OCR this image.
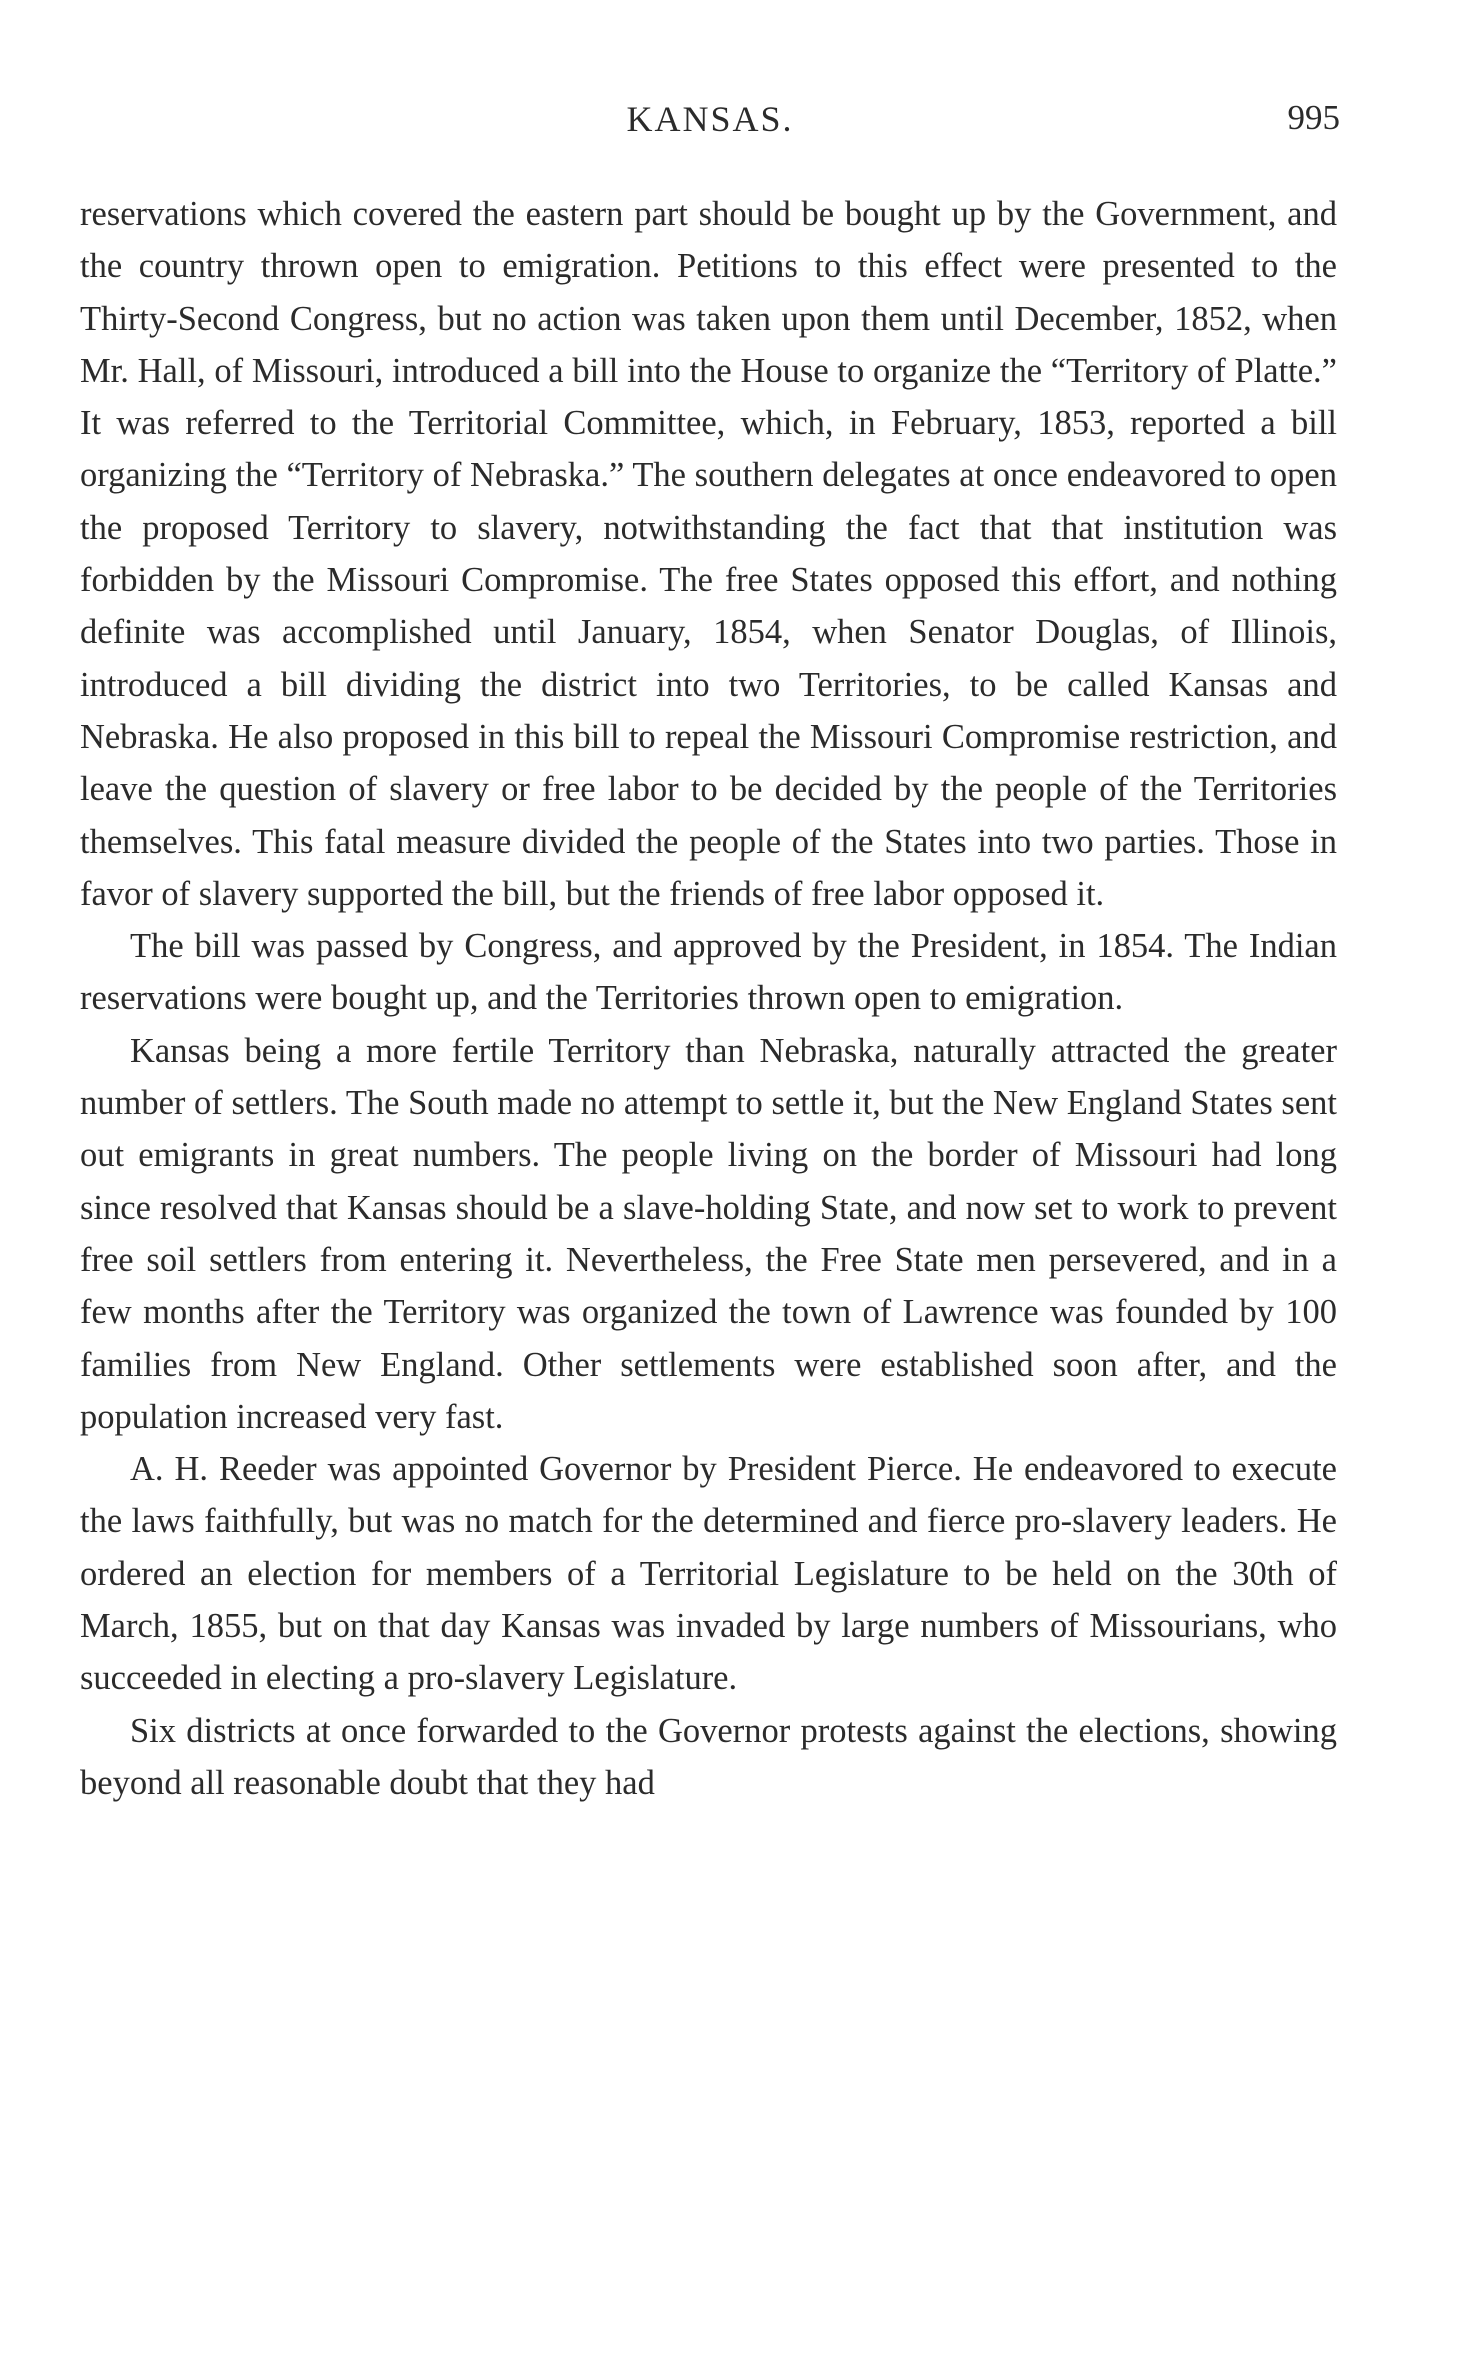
KANSAS.	995

reservations which covered the eastern part should be bought up by the Government, and the country thrown open to emigration. Petitions to this effect were presented to the Thirty-Second Congress, but no action was taken upon them until December, 1852, when Mr. Hall, of Missouri, introduced a bill into the House to organize the “Territory of Platte.” It was referred to the Territorial Committee, which, in February, 1853, reported a bill organizing the “Territory of Nebraska.” The southern delegates at once endeavored to open the proposed Territory to slavery, notwithstanding the fact that that institution was forbidden by the Missouri Compromise. The free States opposed this effort, and nothing definite was accomplished until January, 1854, when Senator Douglas, of Illinois, introduced a bill dividing the district into two Territories, to be called Kansas and Nebraska. He also proposed in this bill to repeal the Missouri Compromise restriction, and leave the question of slavery or free labor to be decided by the people of the Territories themselves. This fatal measure divided the people of the States into two parties. Those in favor of slavery supported the bill, but the friends of free labor opposed it.

The bill was passed by Congress, and approved by the President, in 1854. The Indian reservations were bought up, and the Territories thrown open to emigration.

Kansas being a more fertile Territory than Nebraska, naturally attracted the greater number of settlers. The South made no attempt to settle it, but the New England States sent out emigrants in great numbers. The people living on the border of Missouri had long since resolved that Kansas should be a slave-holding State, and now set to work to prevent free soil settlers from entering it. Nevertheless, the Free State men persevered, and in a few months after the Territory was organized the town of Lawrence was founded by 100 families from New England. Other settlements were established soon after, and the population increased very fast.

A. H. Reeder was appointed Governor by President Pierce. He endeavored to execute the laws faithfully, but was no match for the determined and fierce pro-slavery leaders. He ordered an election for members of a Territorial Legislature to be held on the 30th of March, 1855, but on that day Kansas was invaded by large numbers of Missourians, who succeeded in electing a pro-slavery Legislature.

Six districts at once forwarded to the Governor protests against the elections, showing beyond all reasonable doubt that they had
